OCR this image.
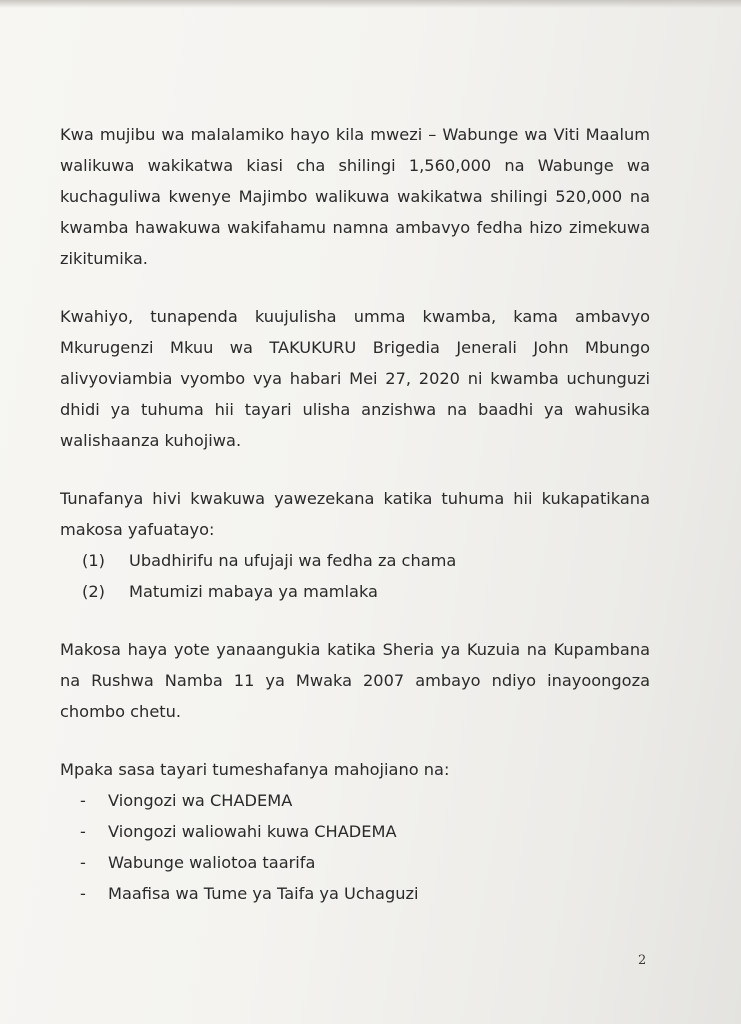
Kwa mujibu wa malalamiko hayo kila mwezi – Wabunge wa Viti Maalum walikuwa wakikatwa kiasi cha shilingi 1,560,000 na Wabunge wa kuchaguliwa kwenye Majimbo walikuwa wakikatwa shilingi 520,000 na kwamba hawakuwa wakifahamu namna ambavyo fedha hizo zimekuwa zikitumika.

Kwahiyo, tunapenda kuujulisha umma kwamba, kama ambavyo Mkurugenzi Mkuu wa TAKUKURU Brigedia Jenerali John Mbungo alivyoviambia vyombo vya habari Mei 27, 2020 ni kwamba uchunguzi dhidi ya tuhuma hii tayari ulisha anzishwa na baadhi ya wahusika walishaanza kuhojiwa.

Tunafanya hivi kwakuwa yawezekana katika tuhuma hii kukapatikana makosa yafuatayo:

(1)	Ubadhirifu na ufujaji wa fedha za chama
(2)	Matumizi mabaya ya mamlaka

Makosa haya yote yanaangukia katika Sheria ya Kuzuia na Kupambana na Rushwa Namba 11 ya Mwaka 2007 ambayo ndiyo inayoongoza chombo chetu.

Mpaka sasa tayari tumeshafanya mahojiano na:

-	Viongozi wa CHADEMA
-	Viongozi waliowahi kuwa CHADEMA
-	Wabunge waliotoa taarifa
-	Maafisa wa Tume ya Taifa ya Uchaguzi
2
